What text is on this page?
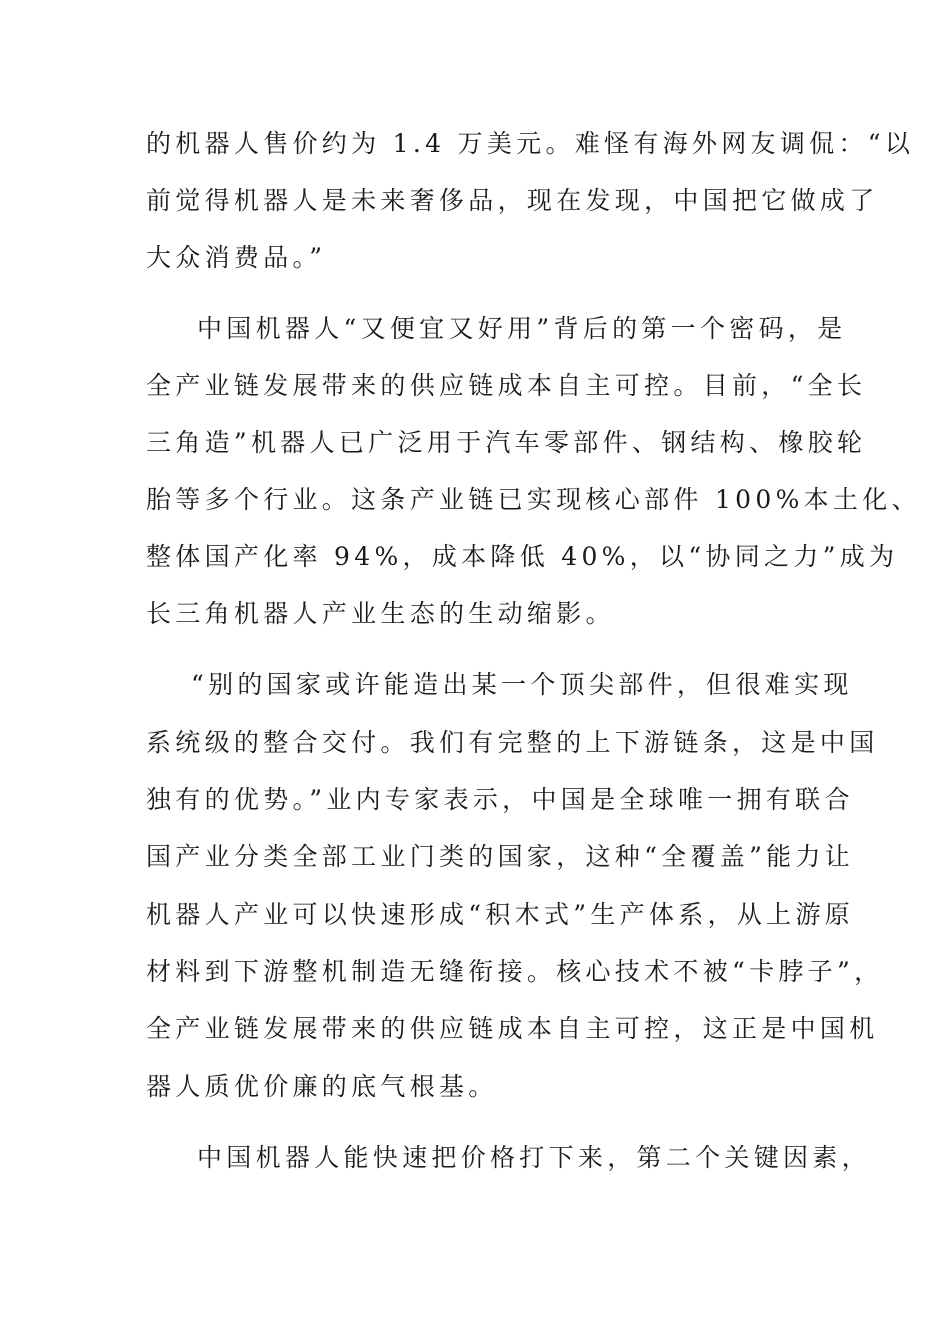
的机器人售价约为 1.4 万美元。难怪有海外网友调侃：“以
前觉得机器人是未来奢侈品，现在发现，中国把它做成了
大众消费品。”
中国机器人“又便宜又好用”背后的第一个密码，是
全产业链发展带来的供应链成本自主可控。目前，“全长
三角造”机器人已广泛用于汽车零部件、钢结构、橡胶轮
胎等多个行业。这条产业链已实现核心部件 100%本土化、
整体国产化率 94%，成本降低 40%，以“协同之力”成为
长三角机器人产业生态的生动缩影。
“别的国家或许能造出某一个顶尖部件，但很难实现
系统级的整合交付。我们有完整的上下游链条，这是中国
独有的优势。”业内专家表示，中国是全球唯一拥有联合
国产业分类全部工业门类的国家，这种“全覆盖”能力让
机器人产业可以快速形成“积木式”生产体系，从上游原
材料到下游整机制造无缝衔接。核心技术不被“卡脖子”，
全产业链发展带来的供应链成本自主可控，这正是中国机
器人质优价廉的底气根基。
中国机器人能快速把价格打下来，第二个关键因素，
